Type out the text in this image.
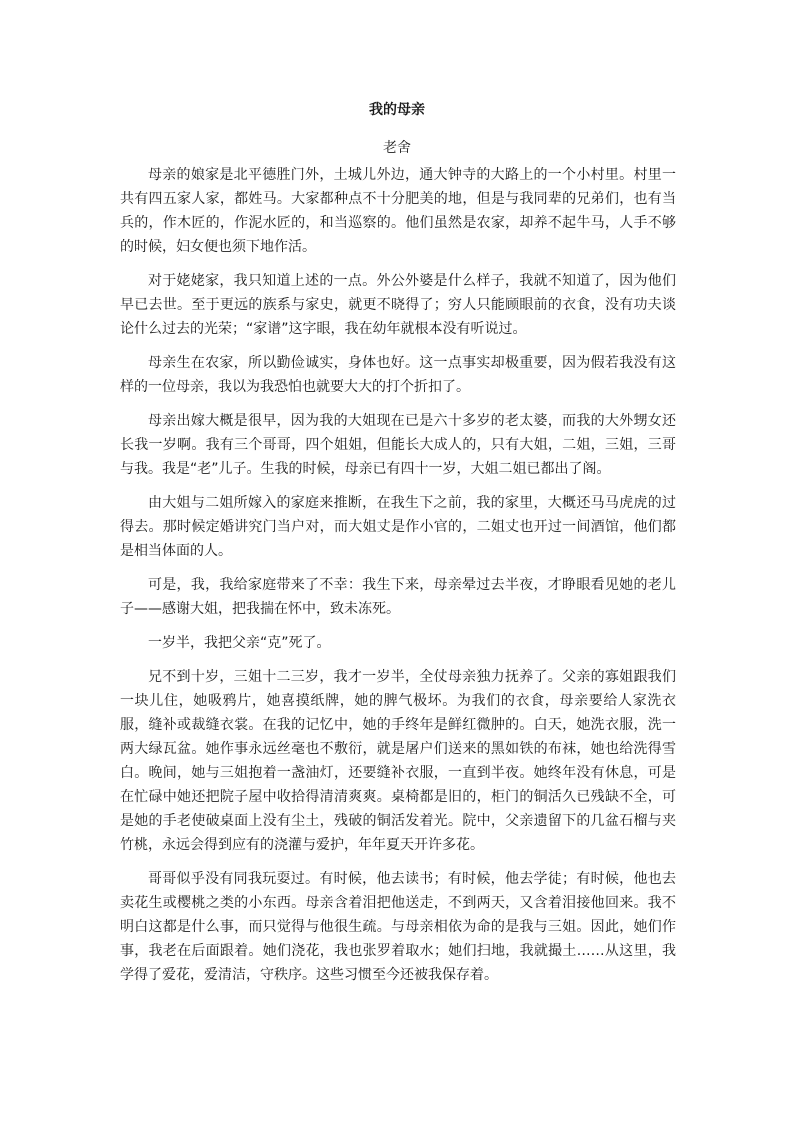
我的母亲
老舍

母亲的娘家是北平德胜门外，土城儿外边，通大钟寺的大路上的一个小村里。村里一共有四五家人家，都姓马。大家都种点不十分肥美的地，但是与我同辈的兄弟们，也有当兵的，作木匠的，作泥水匠的，和当巡察的。他们虽然是农家，却养不起牛马，人手不够的时候，妇女便也须下地作活。

对于姥姥家，我只知道上述的一点。外公外婆是什么样子，我就不知道了，因为他们早已去世。至于更远的族系与家史，就更不晓得了；穷人只能顾眼前的衣食，没有功夫谈论什么过去的光荣；“家谱”这字眼，我在幼年就根本没有听说过。

母亲生在农家，所以勤俭诚实，身体也好。这一点事实却极重要，因为假若我没有这样的一位母亲，我以为我恐怕也就要大大的打个折扣了。

母亲出嫁大概是很早，因为我的大姐现在已是六十多岁的老太婆，而我的大外甥女还长我一岁啊。我有三个哥哥，四个姐姐，但能长大成人的，只有大姐，二姐，三姐，三哥与我。我是“老”儿子。生我的时候，母亲已有四十一岁，大姐二姐已都出了阁。

由大姐与二姐所嫁入的家庭来推断，在我生下之前，我的家里，大概还马马虎虎的过得去。那时候定婚讲究门当户对，而大姐丈是作小官的，二姐丈也开过一间酒馆，他们都是相当体面的人。

可是，我，我给家庭带来了不幸：我生下来，母亲晕过去半夜，才睁眼看见她的老儿子——感谢大姐，把我揣在怀中，致未冻死。

一岁半，我把父亲“克”死了。

兄不到十岁，三姐十二三岁，我才一岁半，全仗母亲独力抚养了。父亲的寡姐跟我们一块儿住，她吸鸦片，她喜摸纸牌，她的脾气极坏。为我们的衣食，母亲要给人家洗衣服，缝补或裁缝衣裳。在我的记忆中，她的手终年是鲜红微肿的。白天，她洗衣服，洗一两大绿瓦盆。她作事永远丝毫也不敷衍，就是屠户们送来的黑如铁的布袜，她也给洗得雪白。晚间，她与三姐抱着一盏油灯，还要缝补衣服，一直到半夜。她终年没有休息，可是在忙碌中她还把院子屋中收拾得清清爽爽。桌椅都是旧的，柜门的铜活久已残缺不全，可是她的手老使破桌面上没有尘土，残破的铜活发着光。院中，父亲遗留下的几盆石榴与夹竹桃，永远会得到应有的浇灌与爱护，年年夏天开许多花。

哥哥似乎没有同我玩耍过。有时候，他去读书；有时候，他去学徒；有时候，他也去卖花生或樱桃之类的小东西。母亲含着泪把他送走，不到两天，又含着泪接他回来。我不明白这都是什么事，而只觉得与他很生疏。与母亲相依为命的是我与三姐。因此，她们作事，我老在后面跟着。她们浇花，我也张罗着取水；她们扫地，我就撮土……从这里，我学得了爱花，爱清洁，守秩序。这些习惯至今还被我保存着。
